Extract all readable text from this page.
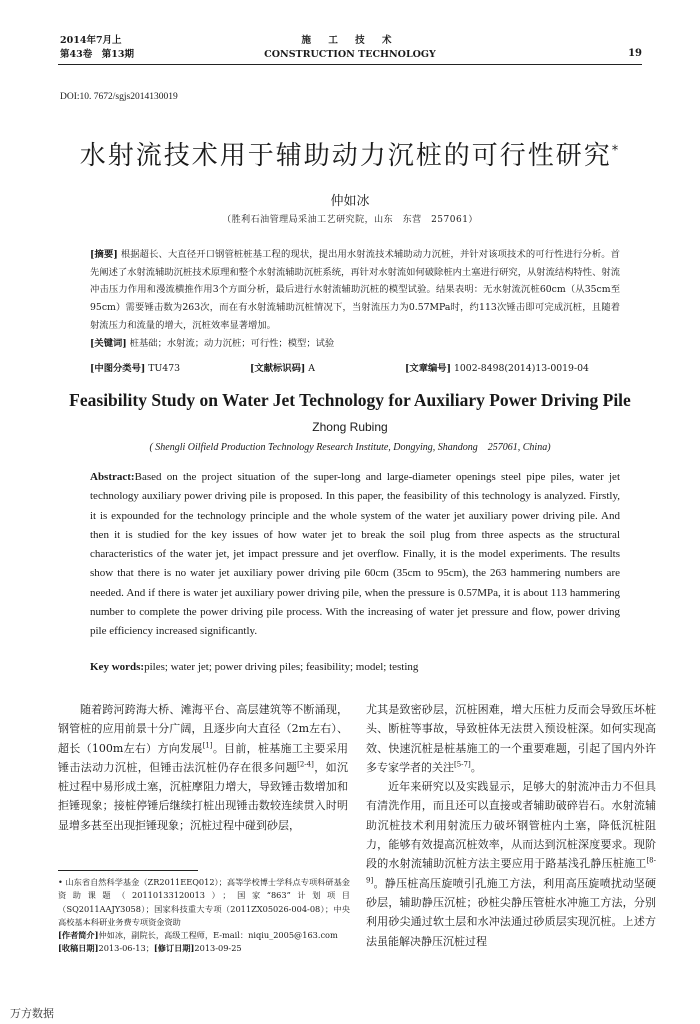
2014年7月上
第43卷　第13期
施 工 技 术
CONSTRUCTION TECHNOLOGY	19
DOI:10. 7672/sgjs2014130019
水射流技术用于辅助动力沉桩的可行性研究*
仲如冰
（胜利石油管理局采油工艺研究院，山东　东营　257061）
[摘要] 根据超长、大直径开口钢管桩桩基工程的现状，提出用水射流技术辅助动力沉桩，并针对该项技术的可行性进行分析。首先阐述了水射流辅助沉桩技术原理和整个水射流辅助沉桩系统，再针对水射流如何破除桩内土塞进行研究，从射流结构特性、射流冲击压力作用和漫流横推作用3个方面分析，最后进行水射流辅助沉桩的模型试验。结果表明：无水射流沉桩60cm（从35cm至95cm）需要锤击数为263次，而在有水射流辅助沉桩情况下，当射流压力为0.57MPa时，约113次锤击即可完成沉桩，且随着射流压力和流量的增大，沉桩效率显著增加。
[关键词] 桩基础；水射流；动力沉桩；可行性；模型；试验
[中图分类号] TU473	[文献标识码] A	[文章编号] 1002-8498(2014)13-0019-04
Feasibility Study on Water Jet Technology for Auxiliary Power Driving Pile
Zhong Rubing
( Shengli Oilfield Production Technology Research Institute, Dongying, Shandong　257061, China)
Abstract:Based on the project situation of the super-long and large-diameter openings steel pipe piles, water jet technology auxiliary power driving pile is proposed. In this paper, the feasibility of this technology is analyzed. Firstly, it is expounded for the technology principle and the whole system of the water jet auxiliary power driving pile. And then it is studied for the key issues of how water jet to break the soil plug from three aspects as the structural characteristics of the water jet, jet impact pressure and jet overflow. Finally, it is the model experiments. The results show that there is no water jet auxiliary power driving pile 60cm (35cm to 95cm), the 263 hammering numbers are needed. And if there is water jet auxiliary power driving pile, when the pressure is 0.57MPa, it is about 113 hammering number to complete the power driving pile process. With the increasing of water jet pressure and flow, power driving pile efficiency increased significantly.
Key words:piles; water jet; power driving piles; feasibility; model; testing

随着跨河跨海大桥、滩海平台、高层建筑等不断涌现，钢管桩的应用前景十分广阔，且逐步向大直径（2m左右）、超长（100m左右）方向发展[1]。目前，桩基施工主要采用锤击法动力沉桩，但锤击法沉桩仍存在很多问题[2-4]，如沉桩过程中易形成土塞，沉桩摩阻力增大，导致锤击数增加和拒锤现象；接桩停锤后继续打桩出现锤击数较连续贯入时明显增多甚至出现拒锤现象；沉桩过程中碰到砂层，

尤其是致密砂层，沉桩困难，增大压桩力反而会导致压坏桩头、断桩等事故，导致桩体无法贯入预设桩深。如何实现高效、快速沉桩是桩基施工的一个重要难题，引起了国内外许多专家学者的关注[5-7]。

近年来研究以及实践显示，足够大的射流冲击力不但具有清洗作用，而且还可以直接或者辅助破碎岩石。水射流辅助沉桩技术利用射流压力破坏钢管桩内土塞，降低沉桩阻力，能够有效提高沉桩效率，从而达到沉桩深度要求。现阶段的水射流辅助沉桩方法主要应用于路基浅孔静压桩施工[8-9]。静压桩高压旋喷引孔施工方法，利用高压旋喷扰动坚硬砂层，辅助静压沉桩；砂桩尖静压管桩水冲施工方法，分别利用砂尖通过软土层和水冲法通过砂质层实现沉桩。上述方法虽能解决静压沉桩过程

• 山东省自然科学基金（ZR2011EEQ012）；高等学校博士学科点专项科研基金资助课题（20110133120013）；国家“863”计划项目（SQ2011AAJY3058）；国家科技重大专项（2011ZX05026-004-08）；中央高校基本科研业务费专项资金资助
[作者简介]仲如冰，副院长，高级工程师，E-mail：niqiu_2005@163.com
[收稿日期]2013-06-13；[修订日期]2013-09-25
万方数据
